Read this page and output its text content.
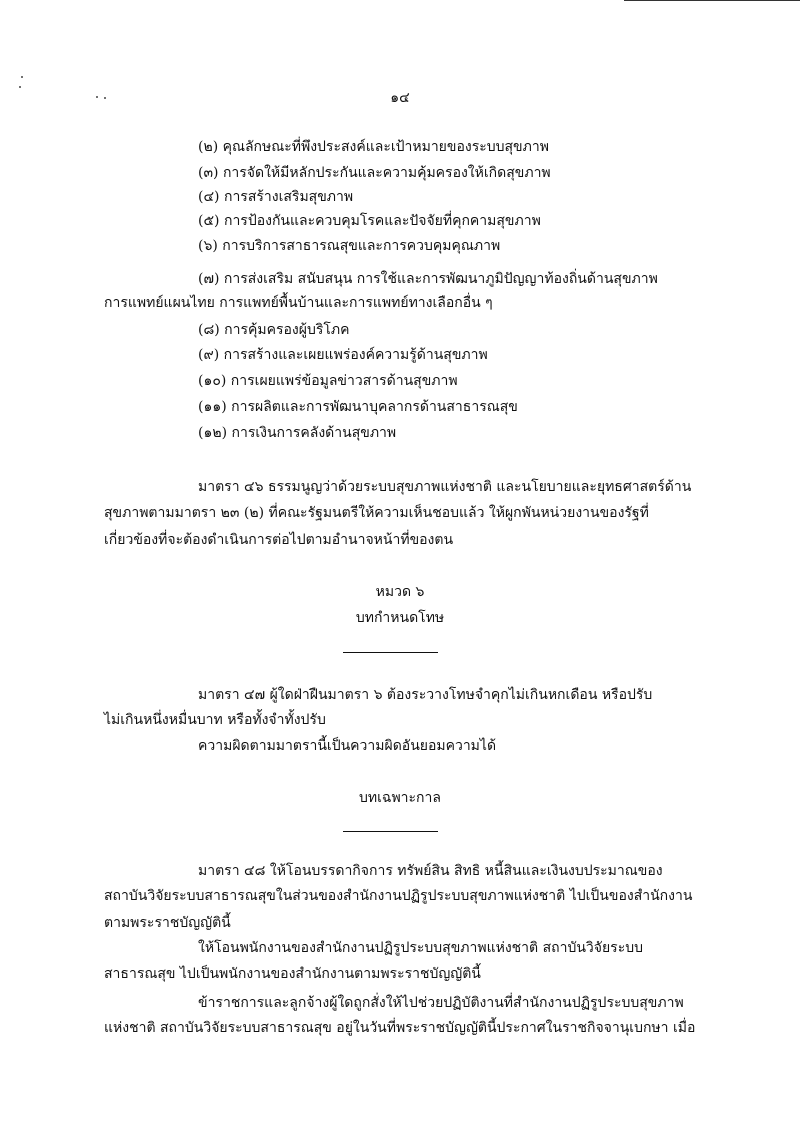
๑๔
(๒) คุณลักษณะที่พึงประสงค์และเป้าหมายของระบบสุขภาพ
(๓) การจัดให้มีหลักประกันและความคุ้มครองให้เกิดสุขภาพ
(๔) การสร้างเสริมสุขภาพ
(๕) การป้องกันและควบคุมโรคและปัจจัยที่คุกคามสุขภาพ
(๖) การบริการสาธารณสุขและการควบคุมคุณภาพ
(๗) การส่งเสริม สนับสนุน การใช้และการพัฒนาภูมิปัญญาท้องถิ่นด้านสุขภาพ
การแพทย์แผนไทย การแพทย์พื้นบ้านและการแพทย์ทางเลือกอื่น ๆ
(๘) การคุ้มครองผู้บริโภค
(๙) การสร้างและเผยแพร่องค์ความรู้ด้านสุขภาพ
(๑๐) การเผยแพร่ข้อมูลข่าวสารด้านสุขภาพ
(๑๑) การผลิตและการพัฒนาบุคลากรด้านสาธารณสุข
(๑๒) การเงินการคลังด้านสุขภาพ
มาตรา ๔๖ ธรรมนูญว่าด้วยระบบสุขภาพแห่งชาติ และนโยบายและยุทธศาสตร์ด้าน
สุขภาพตามมาตรา ๒๓ (๒) ที่คณะรัฐมนตรีให้ความเห็นชอบแล้ว ให้ผูกพันหน่วยงานของรัฐที่
เกี่ยวข้องที่จะต้องดำเนินการต่อไปตามอำนาจหน้าที่ของตน
หมวด ๖
บทกำหนดโทษ
มาตรา ๔๗ ผู้ใดฝ่าฝืนมาตรา ๖ ต้องระวางโทษจำคุกไม่เกินหกเดือน หรือปรับ
ไม่เกินหนึ่งหมื่นบาท หรือทั้งจำทั้งปรับ
ความผิดตามมาตรานี้เป็นความผิดอันยอมความได้
บทเฉพาะกาล
มาตรา ๔๘ ให้โอนบรรดากิจการ ทรัพย์สิน สิทธิ หนี้สินและเงินงบประมาณของ
สถาบันวิจัยระบบสาธารณสุขในส่วนของสำนักงานปฏิรูประบบสุขภาพแห่งชาติ ไปเป็นของสำนักงาน
ตามพระราชบัญญัตินี้
ให้โอนพนักงานของสำนักงานปฏิรูประบบสุขภาพแห่งชาติ สถาบันวิจัยระบบ
สาธารณสุข ไปเป็นพนักงานของสำนักงานตามพระราชบัญญัตินี้
ข้าราชการและลูกจ้างผู้ใดถูกสั่งให้ไปช่วยปฏิบัติงานที่สำนักงานปฏิรูประบบสุขภาพ
แห่งชาติ สถาบันวิจัยระบบสาธารณสุข อยู่ในวันที่พระราชบัญญัตินี้ประกาศในราชกิจจานุเบกษา เมื่อ
